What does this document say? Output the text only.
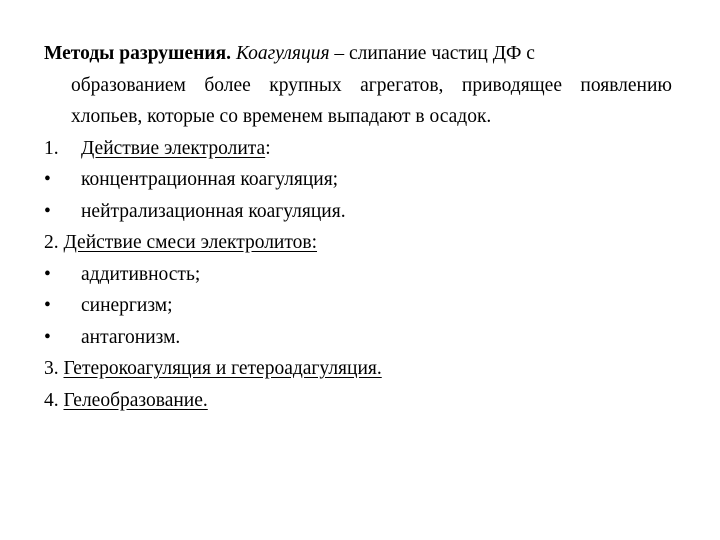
Методы разрушения. Коагуляция – слипание частиц ДФ с
образованием более крупных агрегатов, приводящее появлению хлопьев, которые со временем выпадают в осадок.
1. Действие электролита:
• концентрационная коагуляция;
• нейтрализационная коагуляция.
2. Действие смеси электролитов:
• аддитивность;
• синергизм;
• антагонизм.
3. Гетерокоагуляция и гетероадагуляция.
4. Гелеобразование.
